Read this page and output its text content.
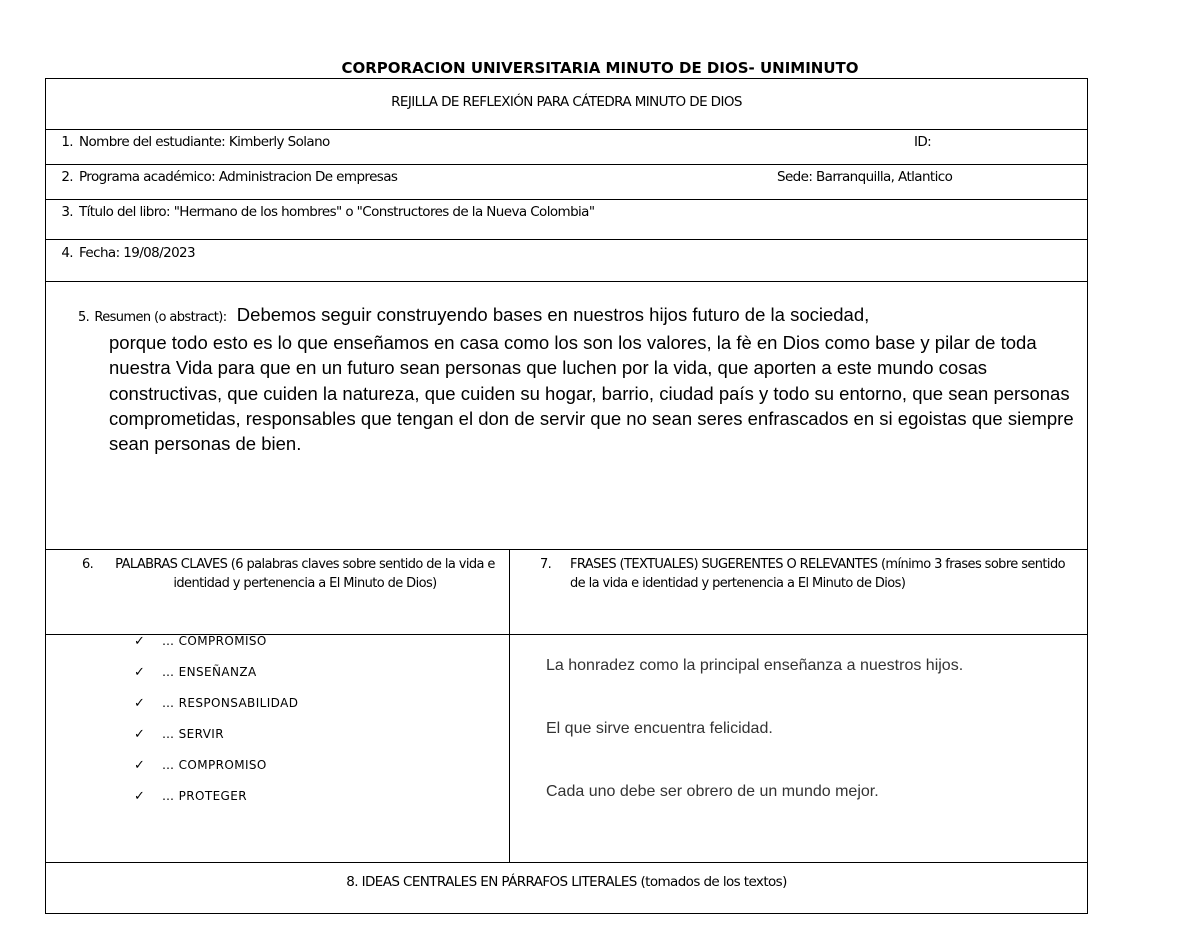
CORPORACION UNIVERSITARIA MINUTO DE DIOS- UNIMINUTO
REJILLA DE REFLEXIÓN PARA CÁTEDRA MINUTO DE DIOS
1. Nombre del estudiante: Kimberly Solano	ID:
2. Programa académico: Administracion De empresas	Sede: Barranquilla, Atlantico
3. Título del libro: "Hermano de los hombres" o "Constructores de la Nueva Colombia"
4. Fecha: 19/08/2023
5. Resumen (o abstract): Debemos seguir construyendo bases en nuestros hijos futuro de la sociedad,
porque todo esto es lo que enseñamos en casa como los son los valores, la fè en Dios como base y pilar de toda nuestra Vida para que en un futuro sean personas que luchen por la vida, que aporten a este mundo cosas constructivas, que cuiden la natureza, que cuiden su hogar, barrio, ciudad país y todo su entorno, que sean personas comprometidas, responsables que tengan el don de servir que no sean seres enfrascados en si egoistas que siempre sean personas de bien.
6.	PALABRAS CLAVES (6 palabras claves sobre sentido de la vida e identidad y pertenencia a El Minuto de Dios)
7.	FRASES (TEXTUALES) SUGERENTES O RELEVANTES (mínimo 3 frases sobre sentido de la vida e identidad y pertenencia a El Minuto de Dios)
✓	… COMPROMISO
✓	… ENSEÑANZA
✓	… RESPONSABILIDAD
✓	… SERVIR
✓	… COMPROMISO
✓	… PROTEGER
La honradez como la principal enseñanza a nuestros hijos.
El que sirve encuentra felicidad.
Cada uno debe ser obrero de un mundo mejor.
8. IDEAS CENTRALES EN PÁRRAFOS LITERALES (tomados de los textos)
